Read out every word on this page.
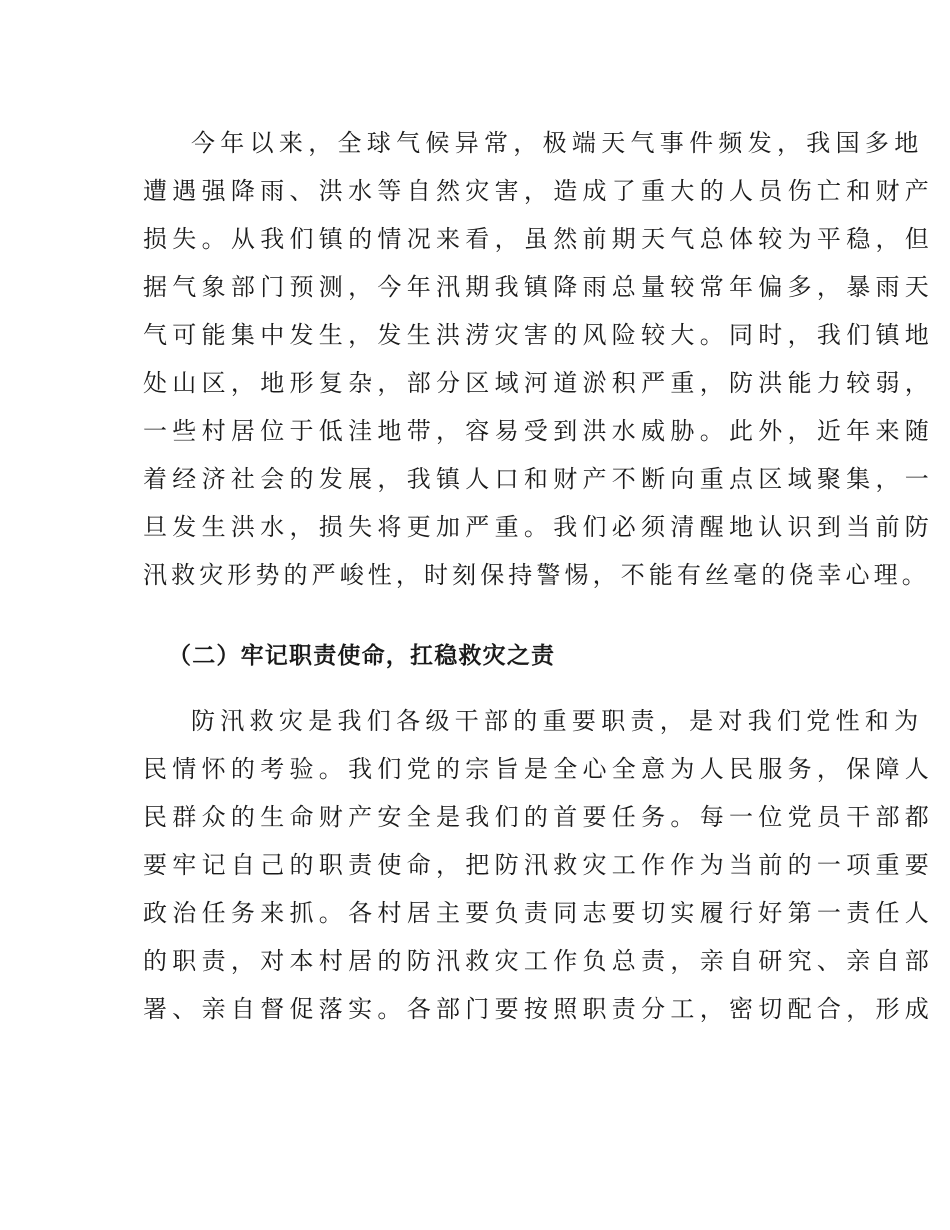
今年以来，全球气候异常，极端天气事件频发，我国多地
遭遇强降雨、洪水等自然灾害，造成了重大的人员伤亡和财产
损失。从我们镇的情况来看，虽然前期天气总体较为平稳，但
据气象部门预测，今年汛期我镇降雨总量较常年偏多，暴雨天
气可能集中发生，发生洪涝灾害的风险较大。同时，我们镇地
处山区，地形复杂，部分区域河道淤积严重，防洪能力较弱，
一些村居位于低洼地带，容易受到洪水威胁。此外，近年来随
着经济社会的发展，我镇人口和财产不断向重点区域聚集，一
旦发生洪水，损失将更加严重。我们必须清醒地认识到当前防
汛救灾形势的严峻性，时刻保持警惕，不能有丝毫的侥幸心理。
（二）牢记职责使命，扛稳救灾之责
防汛救灾是我们各级干部的重要职责，是对我们党性和为
民情怀的考验。我们党的宗旨是全心全意为人民服务，保障人
民群众的生命财产安全是我们的首要任务。每一位党员干部都
要牢记自己的职责使命，把防汛救灾工作作为当前的一项重要
政治任务来抓。各村居主要负责同志要切实履行好第一责任人
的职责，对本村居的防汛救灾工作负总责，亲自研究、亲自部
署、亲自督促落实。各部门要按照职责分工，密切配合，形成
